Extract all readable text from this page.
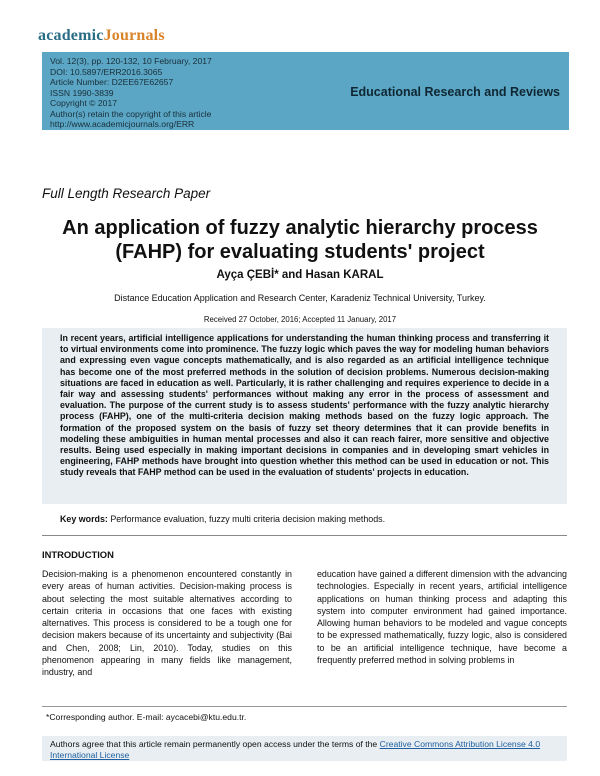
academicJournals
Vol. 12(3), pp. 120-132, 10 February, 2017
DOI: 10.5897/ERR2016.3065
Article Number: D2EE67E62657
ISSN 1990-3839
Copyright © 2017
Author(s) retain the copyright of this article
http://www.academicjournals.org/ERR
Educational Research and Reviews
Full Length Research Paper
An application of fuzzy analytic hierarchy process (FAHP) for evaluating students' project
Ayça ÇEBİ* and Hasan KARAL
Distance Education Application and Research Center, Karadeniz Technical University, Turkey.
Received 27 October, 2016; Accepted 11 January, 2017

In recent years, artificial intelligence applications for understanding the human thinking process and transferring it to virtual environments come into prominence. The fuzzy logic which paves the way for modeling human behaviors and expressing even vague concepts mathematically, and is also regarded as an artificial intelligence technique has become one of the most preferred methods in the solution of decision problems. Numerous decision-making situations are faced in education as well. Particularly, it is rather challenging and requires experience to decide in a fair way and assessing students' performances without making any error in the process of assessment and evaluation. The purpose of the current study is to assess students' performance with the fuzzy analytic hierarchy process (FAHP), one of the multi-criteria decision making methods based on the fuzzy logic approach. The formation of the proposed system on the basis of fuzzy set theory determines that it can provide benefits in modeling these ambiguities in human mental processes and also it can reach fairer, more sensitive and objective results. Being used especially in making important decisions in companies and in developing smart vehicles in engineering, FAHP methods have brought into question whether this method can be used in education or not. This study reveals that FAHP method can be used in the evaluation of students' projects in education.

Key words: Performance evaluation, fuzzy multi criteria decision making methods.
INTRODUCTION
Decision-making is a phenomenon encountered constantly in every areas of human activities. Decision-making process is about selecting the most suitable alternatives according to certain criteria in occasions that one faces with existing alternatives. This process is considered to be a tough one for decision makers because of its uncertainty and subjectivity (Bai and Chen, 2008; Lin, 2010). Today, studies on this phenomenon appearing in many fields like management, industry, and
education have gained a different dimension with the advancing technologies. Especially in recent years, artificial intelligence applications on human thinking process and adapting this system into computer environment had gained importance. Allowing human behaviors to be modeled and vague concepts to be expressed mathematically, fuzzy logic, also is considered to be an artificial intelligence technique, have become a frequently preferred method in solving problems in
*Corresponding author. E-mail: aycacebi@ktu.edu.tr.
Authors agree that this article remain permanently open access under the terms of the Creative Commons Attribution License 4.0 International License
